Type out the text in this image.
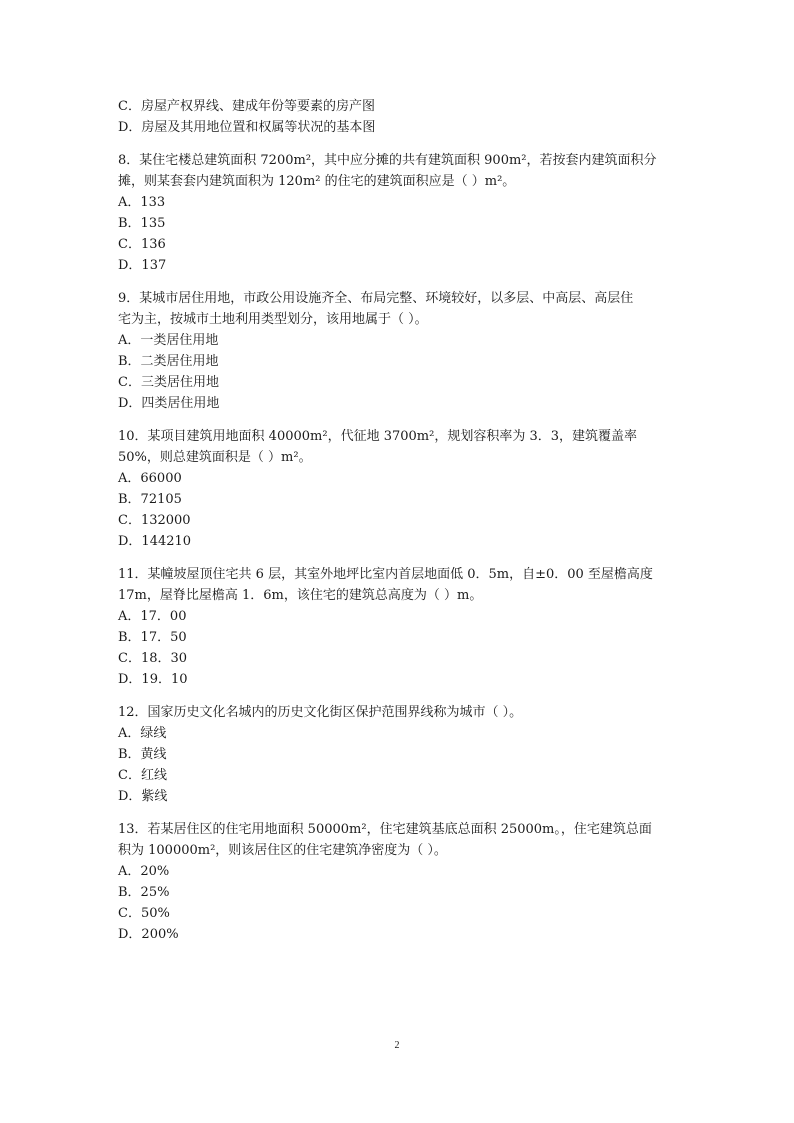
C．房屋产权界线、建成年份等要素的房产图

D．房屋及其用地位置和权属等状况的基本图

8．某住宅楼总建筑面积 7200m²，其中应分摊的共有建筑面积 900m²，若按套内建筑面积分

摊，则某套套内建筑面积为 120m² 的住宅的建筑面积应是（ ）m²。

A．133

B．135

C．136

D．137

9．某城市居住用地，市政公用设施齐全、布局完整、环境较好，以多层、中高层、高层住

宅为主，按城市土地利用类型划分，该用地属于（ ）。

A．一类居住用地

B．二类居住用地

C．三类居住用地

D．四类居住用地

10．某项目建筑用地面积 40000m²，代征地 3700m²，规划容积率为 3．3，建筑覆盖率

50%，则总建筑面积是（ ）m²。

A．66000

B．72105

C．132000

D．144210

11．某幢坡屋顶住宅共 6 层，其室外地坪比室内首层地面低 0．5m，自±0．00 至屋檐高度

17m，屋脊比屋檐高 1．6m，该住宅的建筑总高度为（ ）m。

A．17．00

B．17．50

C．18．30

D．19．10

12．国家历史文化名城内的历史文化街区保护范围界线称为城市（ ）。

A．绿线

B．黄线

C．红线

D．紫线

13．若某居住区的住宅用地面积 50000m²，住宅建筑基底总面积 25000m。，住宅建筑总面

积为 100000m²，则该居住区的住宅建筑净密度为（ ）。

A．20%

B．25%

C．50%

D．200%

2
